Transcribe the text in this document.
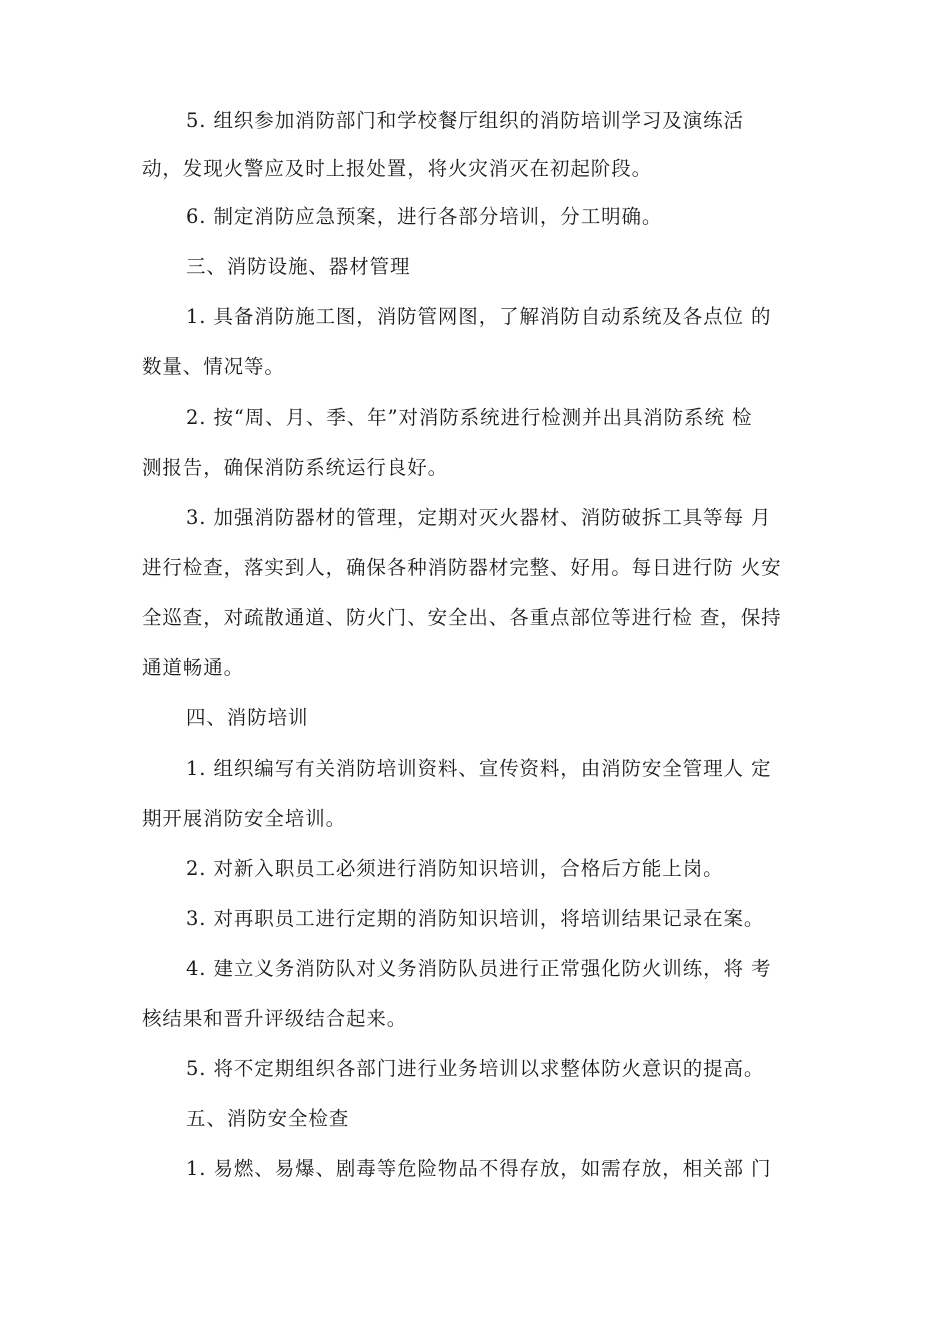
5. 组织参加消防部门和学校餐厅组织的消防培训学习及演练活
动，发现火警应及时上报处置，将火灾消灭在初起阶段。
6. 制定消防应急预案，进行各部分培训，分工明确。
三、消防设施、器材管理
1. 具备消防施工图，消防管网图，了解消防自动系统及各点位 的
数量、情况等。
2. 按“周、月、季、年”对消防系统进行检测并出具消防系统 检
测报告，确保消防系统运行良好。
3. 加强消防器材的管理，定期对灭火器材、消防破拆工具等每 月
进行检查，落实到人，确保各种消防器材完整、好用。每日进行防 火安
全巡查，对疏散通道、防火门、安全出、各重点部位等进行检 查，保持
通道畅通。
四、消防培训
1. 组织编写有关消防培训资料、宣传资料，由消防安全管理人 定
期开展消防安全培训。
2. 对新入职员工必须进行消防知识培训，合格后方能上岗。
3. 对再职员工进行定期的消防知识培训，将培训结果记录在案。
4. 建立义务消防队对义务消防队员进行正常强化防火训练，将 考
核结果和晋升评级结合起来。
5. 将不定期组织各部门进行业务培训以求整体防火意识的提高。
五、消防安全检查
1. 易燃、易爆、剧毒等危险物品不得存放，如需存放，相关部 门
